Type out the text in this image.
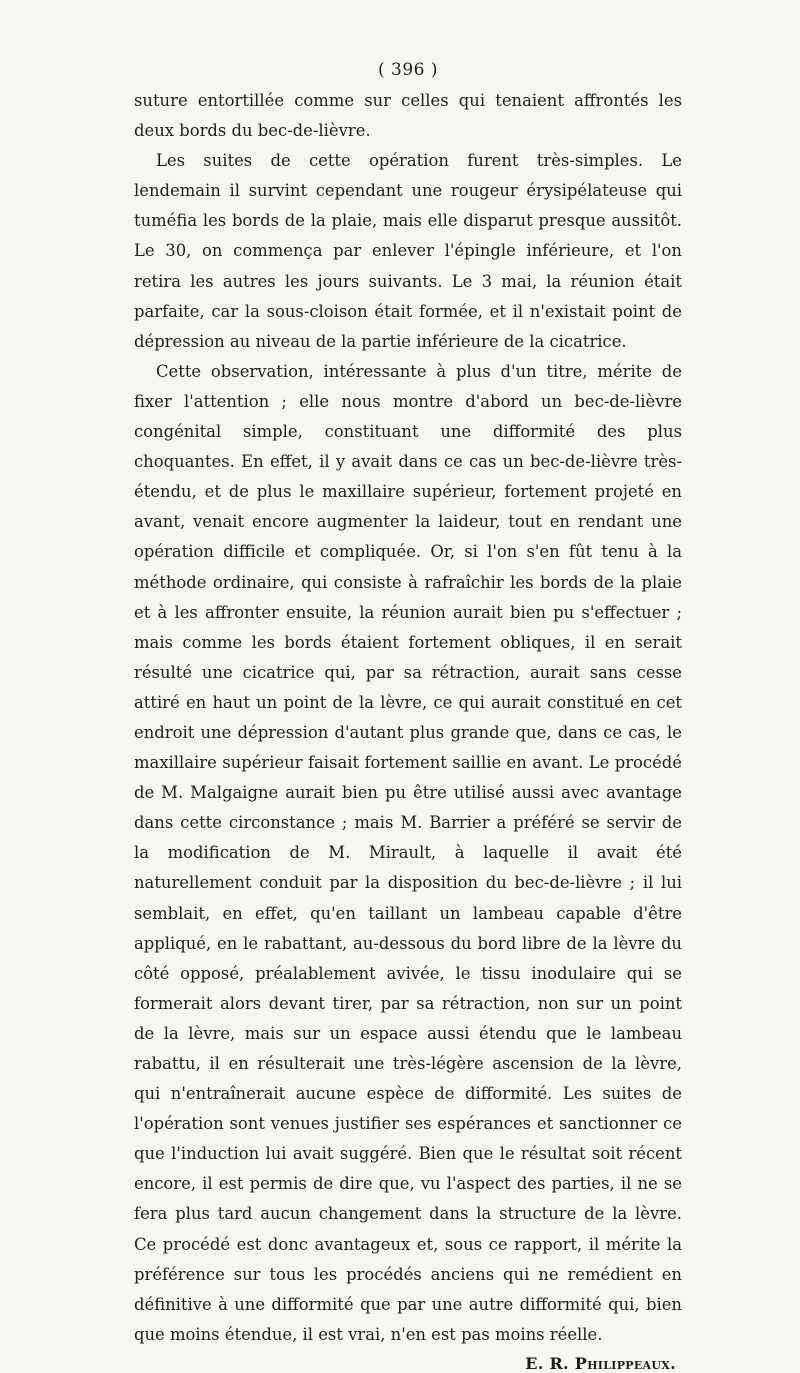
( 396 )

suture entortillée comme sur celles qui tenaient affrontés les deux bords du bec-de-lièvre.

Les suites de cette opération furent très-simples. Le lendemain il survint cependant une rougeur érysipélateuse qui tuméfia les bords de la plaie, mais elle disparut presque aussitôt. Le 30, on commença par enlever l'épingle inférieure, et l'on retira les autres les jours suivants. Le 3 mai, la réunion était parfaite, car la sous-cloison était formée, et il n'existait point de dépression au niveau de la partie inférieure de la cicatrice.

Cette observation, intéressante à plus d'un titre, mérite de fixer l'attention ; elle nous montre d'abord un bec-de-lièvre congénital simple, constituant une difformité des plus choquantes. En effet, il y avait dans ce cas un bec-de-lièvre très-étendu, et de plus le maxillaire supérieur, fortement projeté en avant, venait encore augmenter la laideur, tout en rendant une opération difficile et compliquée. Or, si l'on s'en fût tenu à la méthode ordinaire, qui consiste à rafraîchir les bords de la plaie et à les affronter ensuite, la réunion aurait bien pu s'effectuer ; mais comme les bords étaient fortement obliques, il en serait résulté une cicatrice qui, par sa rétraction, aurait sans cesse attiré en haut un point de la lèvre, ce qui aurait constitué en cet endroit une dépression d'autant plus grande que, dans ce cas, le maxillaire supérieur faisait fortement saillie en avant. Le procédé de M. Malgaigne aurait bien pu être utilisé aussi avec avantage dans cette circonstance ; mais M. Barrier a préféré se servir de la modification de M. Mirault, à laquelle il avait été naturellement conduit par la disposition du bec-de-lièvre ; il lui semblait, en effet, qu'en taillant un lambeau capable d'être appliqué, en le rabattant, au-dessous du bord libre de la lèvre du côté opposé, préalablement avivée, le tissu inodulaire qui se formerait alors devant tirer, par sa rétraction, non sur un point de la lèvre, mais sur un espace aussi étendu que le lambeau rabattu, il en résulterait une très-légère ascension de la lèvre, qui n'entraînerait aucune espèce de difformité. Les suites de l'opération sont venues justifier ses espérances et sanctionner ce que l'induction lui avait suggéré. Bien que le résultat soit récent encore, il est permis de dire que, vu l'aspect des parties, il ne se fera plus tard aucun changement dans la structure de la lèvre. Ce procédé est donc avantageux et, sous ce rapport, il mérite la préférence sur tous les procédés anciens qui ne remédient en définitive à une difformité que par une autre difformité qui, bien que moins étendue, il est vrai, n'en est pas moins réelle.

E. R. Philippeaux.
